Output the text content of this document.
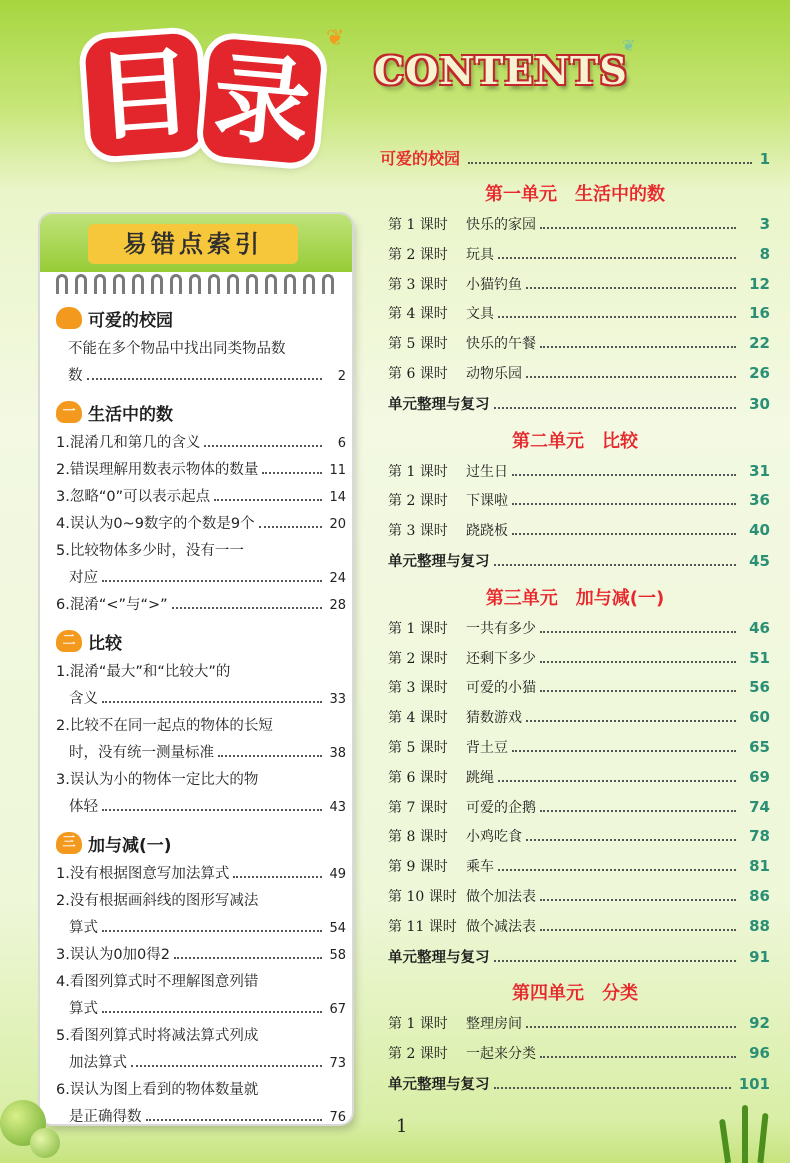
目 录
❦	❦
CONTENTS
易错点索引
可爱的校园
不能在多个物品中找出同类物品数
数	2
一 生活中的数
1.混淆几和第几的含义	6
2.错误理解用数表示物体的数量	11
3.忽略“0”可以表示起点	14
4.误认为0~9数字的个数是9个	20
5.比较物体多少时，没有一一
对应	24
6.混淆“<”与“>”	28
二 比较
1.混淆“最大”和“比较大”的
含义	33
2.比较不在同一起点的物体的长短
时，没有统一测量标准	38
3.误认为小的物体一定比大的物
体轻	43
三 加与减(一)
1.没有根据图意写加法算式	49
2.没有根据画斜线的图形写减法
算式	54
3.误认为0加0得2	58
4.看图列算式时不理解图意列错
算式	67
5.看图列算式时将减法算式列成
加法算式	73
6.误认为图上看到的物体数量就
是正确得数	76
可爱的校园	1
第一单元　生活中的数
第 1 课时	快乐的家园	3
第 2 课时	玩具	8
第 3 课时	小猫钓鱼	12
第 4 课时	文具	16
第 5 课时	快乐的午餐	22
第 6 课时	动物乐园	26
单元整理与复习	30
第二单元　比较
第 1 课时	过生日	31
第 2 课时	下课啦	36
第 3 课时	跷跷板	40
单元整理与复习	45
第三单元　加与减(一)
第 1 课时	一共有多少	46
第 2 课时	还剩下多少	51
第 3 课时	可爱的小猫	56
第 4 课时	猜数游戏	60
第 5 课时	背土豆	65
第 6 课时	跳绳	69
第 7 课时	可爱的企鹅	74
第 8 课时	小鸡吃食	78
第 9 课时	乘车	81
第 10 课时 做个加法表	86
第 11 课时 做个减法表	88
单元整理与复习	91
第四单元　分类
第 1 课时	整理房间	92
第 2 课时	一起来分类	96
单元整理与复习	101
1
